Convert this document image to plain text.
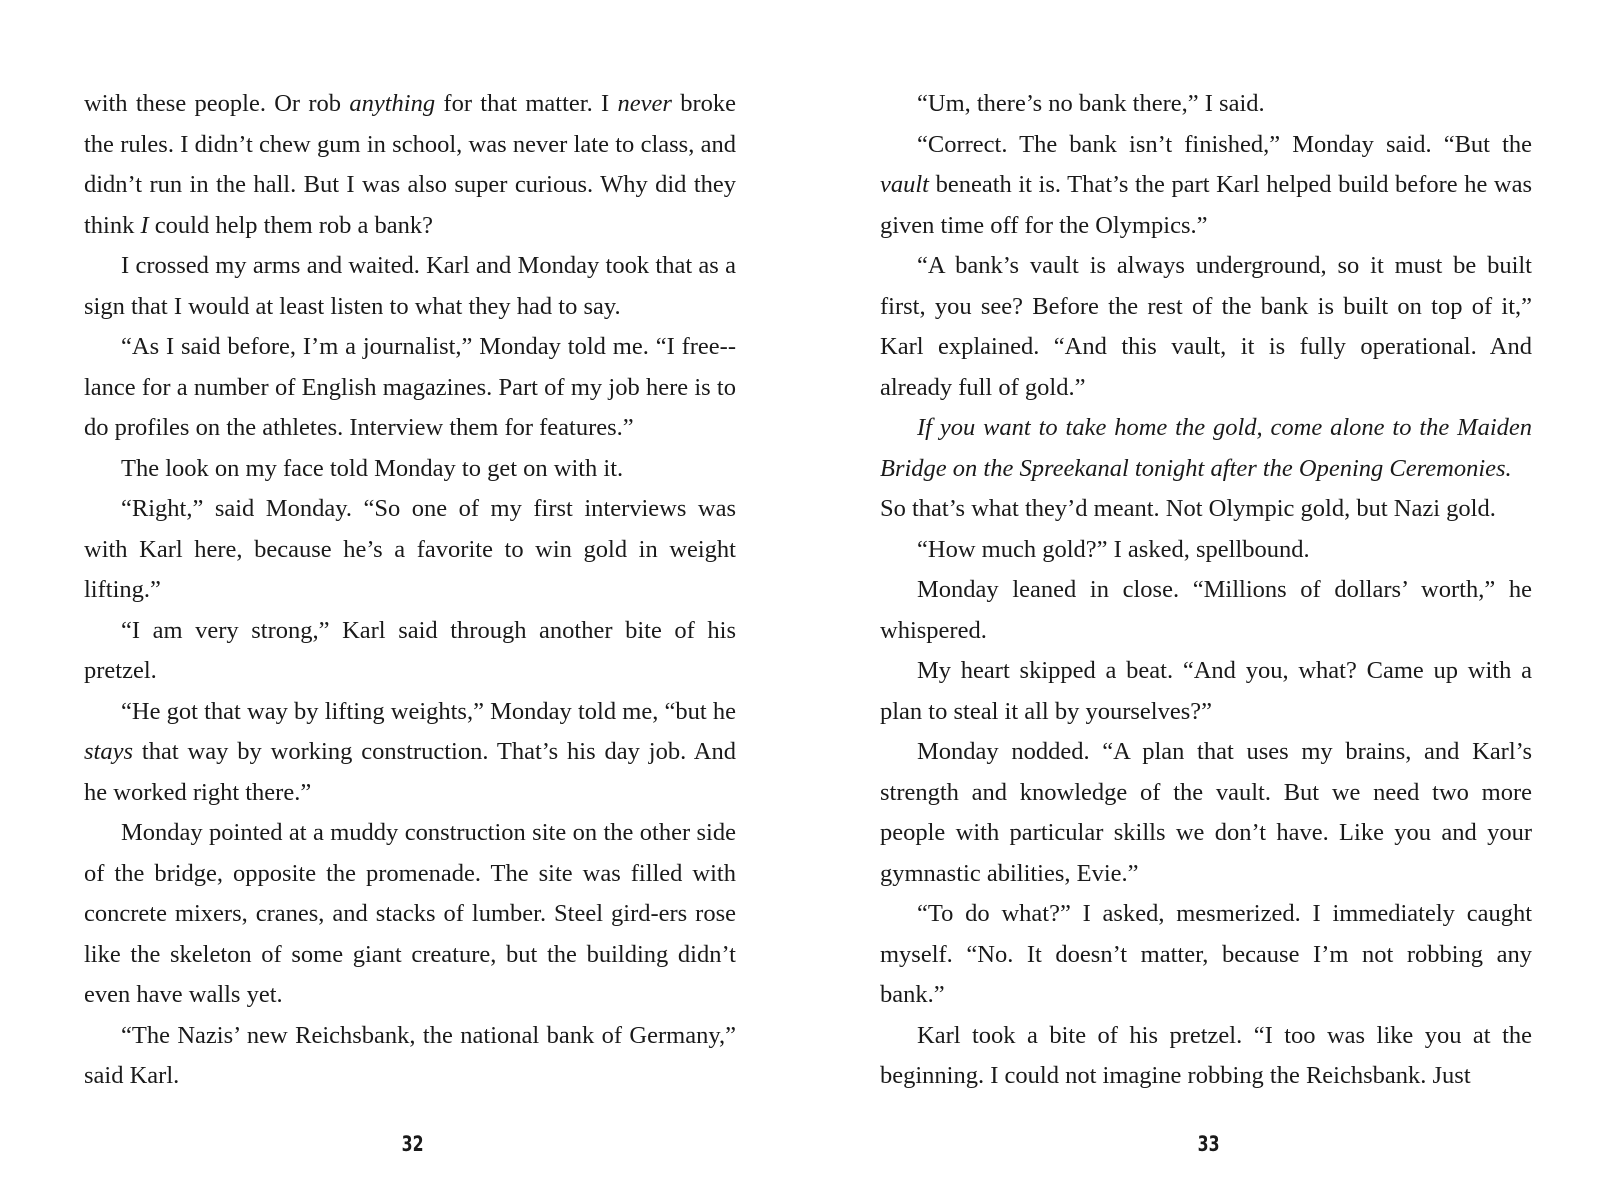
with these people. Or rob anything for that matter. I never broke the rules. I didn’t chew gum in school, was never late to class, and didn’t run in the hall. But I was also super curious. Why did they think I could help them rob a bank?

I crossed my arms and waited. Karl and Monday took that as a sign that I would at least listen to what they had to say.

“As I said before, I’m a journalist,” Monday told me. “I free-lance for a number of English magazines. Part of my job here is to do profiles on the athletes. Interview them for features.”

The look on my face told Monday to get on with it.

“Right,” said Monday. “So one of my first interviews was with Karl here, because he’s a favorite to win gold in weight lifting.”

“I am very strong,” Karl said through another bite of his pretzel.

“He got that way by lifting weights,” Monday told me, “but he stays that way by working construction. That’s his day job. And he worked right there.”

Monday pointed at a muddy construction site on the other side of the bridge, opposite the promenade. The site was filled with concrete mixers, cranes, and stacks of lumber. Steel gird-ers rose like the skeleton of some giant creature, but the building didn’t even have walls yet.

“The Nazis’ new Reichsbank, the national bank of Germany,” said Karl.

32

“Um, there’s no bank there,” I said.

“Correct. The bank isn’t finished,” Monday said. “But the vault beneath it is. That’s the part Karl helped build before he was given time off for the Olympics.”

“A bank’s vault is always underground, so it must be built first, you see? Before the rest of the bank is built on top of it,” Karl explained. “And this vault, it is fully operational. And already full of gold.”

If you want to take home the gold, come alone to the Maiden Bridge on the Spreekanal tonight after the Opening Ceremonies.

So that’s what they’d meant. Not Olympic gold, but Nazi gold.

“How much gold?” I asked, spellbound.

Monday leaned in close. “Millions of dollars’ worth,” he whispered.

My heart skipped a beat. “And you, what? Came up with a plan to steal it all by yourselves?”

Monday nodded. “A plan that uses my brains, and Karl’s strength and knowledge of the vault. But we need two more people with particular skills we don’t have. Like you and your gymnastic abilities, Evie.”

“To do what?” I asked, mesmerized. I immediately caught myself. “No. It doesn’t matter, because I’m not robbing any bank.”

Karl took a bite of his pretzel. “I too was like you at the beginning. I could not imagine robbing the Reichsbank. Just

33
